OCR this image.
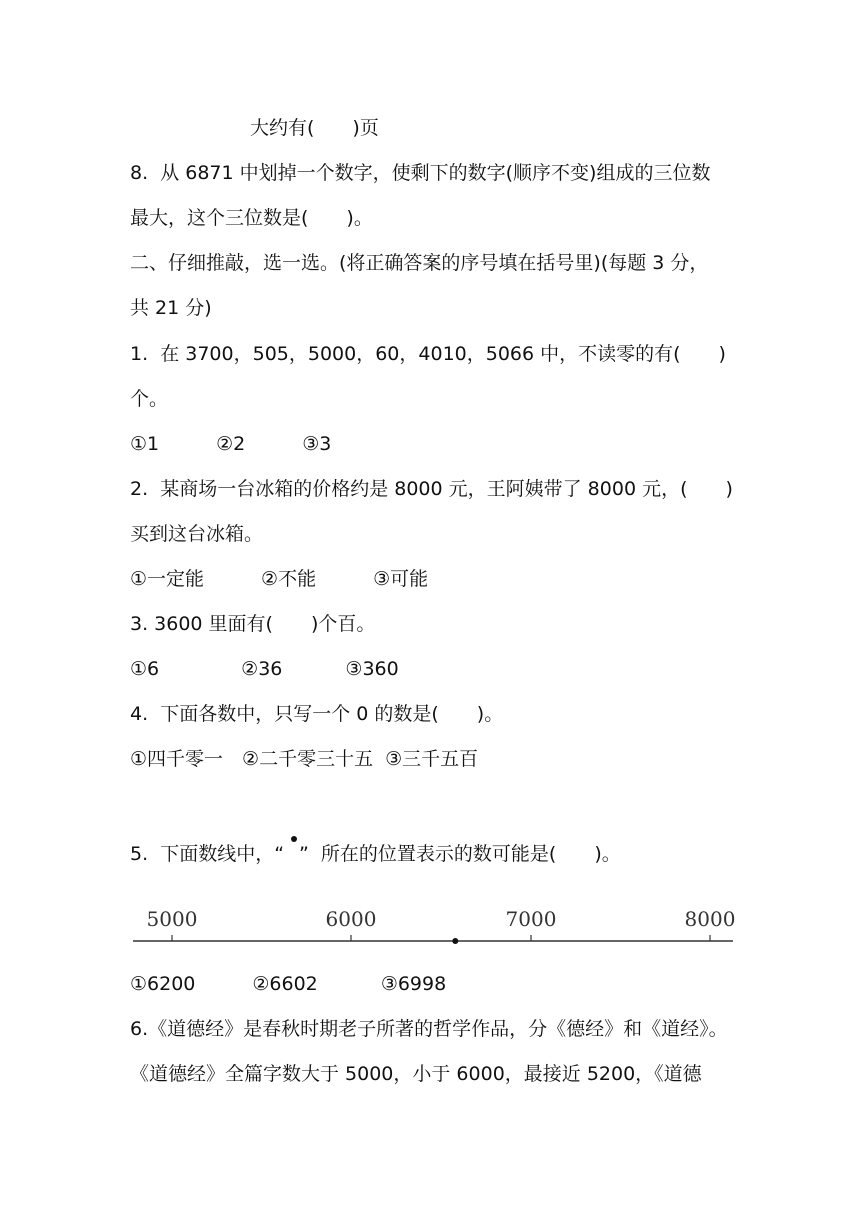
大约有(　　)页
8.  从 6871 中划掉一个数字，使剩下的数字(顺序不变)组成的三位数
最大，这个三位数是(　　)。
二、仔细推敲，选一选。(将正确答案的序号填在括号里)(每题 3 分，
共 21 分)
1.  在 3700，505，5000，60，4010，5066 中，不读零的有(　　)
个。
①1　　　②2　　　③3
2.  某商场一台冰箱的价格约是 8000 元，王阿姨带了 8000 元，(　　)
买到这台冰箱。
①一定能　　　②不能　　　③可能
3. 3600 里面有(　　)个百。
①6　　　　 ②36　　　 ③360
4.  下面各数中，只写一个 0 的数是(　　)。
①四千零一　②二千零三十五  ③三千五百
5.  下面数线中，“ ”  所在的位置表示的数可能是(　　)。
5000	6000	7000	8000
①6200　　　②6602　　　 ③6998
6.《道德经》是春秋时期老子所著的哲学作品，分《德经》和《道经》。
《道德经》全篇字数大于 5000，小于 6000，最接近 5200，《道德
